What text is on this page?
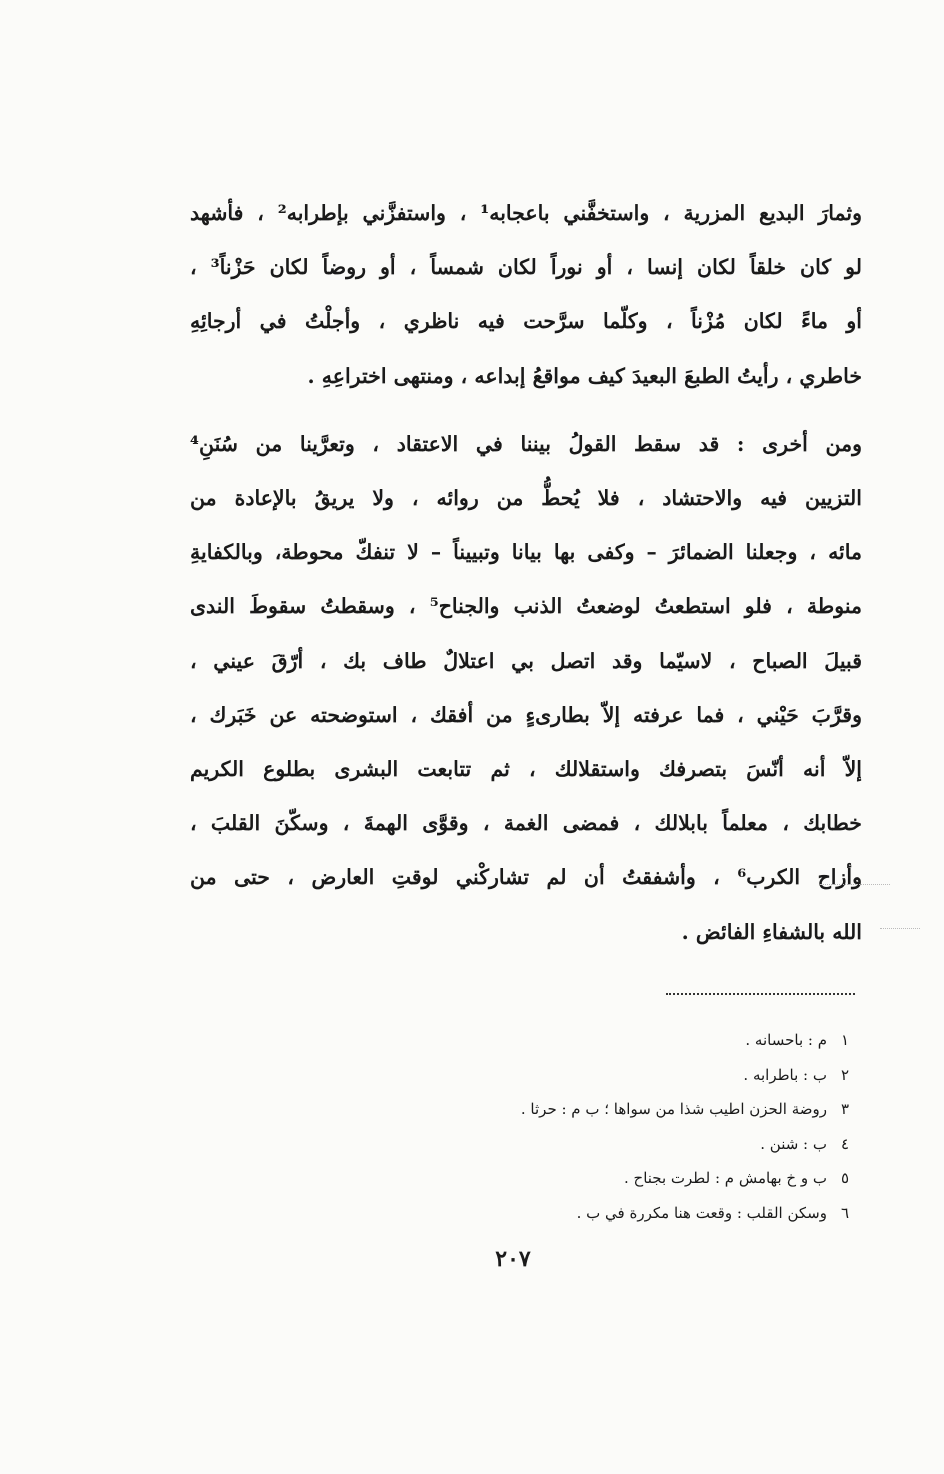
وثمارَ البديع المزرية ، واستخفَّني باعجابه¹ ، واستفزَّني بإطرابه² ، فأشهد
لو كان خلقاً لكان إنسا ، أو نوراً لكان شمساً ، أو روضاً لكان حَزْناً³ ،
أو ماءً لكان مُزْناً ، وكلّما سرَّحت فيه ناظري ، وأجلْتُ في أرجائِهِ
خاطري ، رأيتُ الطبعَ البعيدَ كيف مواقعُ إبداعه ، ومنتهى اختراعِهِ .

ومن أخرى : قد سقط القولُ بيننا في الاعتقاد ، وتعرَّينا من سُنَنِ⁴
التزيين فيه والاحتشاد ، فلا يُحطُّ من روائه ، ولا يريقُ بالإعادة من
مائه ، وجعلنا الضمائرَ – وكفى بها بيانا وتبييناً – لا تنفكّ محوطة، وبالكفايةِ
منوطة ، فلو استطعتُ لوضعتُ الذنب والجناح⁵ ، وسقطتُ سقوطَ الندى
قبيلَ الصباح ، لاسيّما وقد اتصل بي اعتلالٌ طاف بك ، أرّقَ عيني ،
وقرَّبَ حَيْني ، فما عرفته إلاّ بطارىءٍ من أفقك ، استوضحته عن خَبَرك ،
إلاّ أنه أنّسَ بتصرفك واستقلالك ، ثم تتابعت البشرى بطلوع الكريم
خطابك ، معلماً بابلالك ، فمضى الغمة ، وقوَّى الهمةَ ، وسكّنَ القلبَ ،
وأزاح الكرب⁶ ، وأشفقتُ أن لم تشاركْني لوقتِ العارض ، حتى من
الله بالشفاءِ الفائض .

١م : باحسانه .
٢ب : باطرابه .
٣روضة الحزن اطيب شذا من سواها ؛ ب م : حرثا .
٤ب : شنن .
٥ب و خ بهامش م : لطرت بجناح .
٦وسكن القلب : وقعت هنا مكررة في ب .
٢٠٧
